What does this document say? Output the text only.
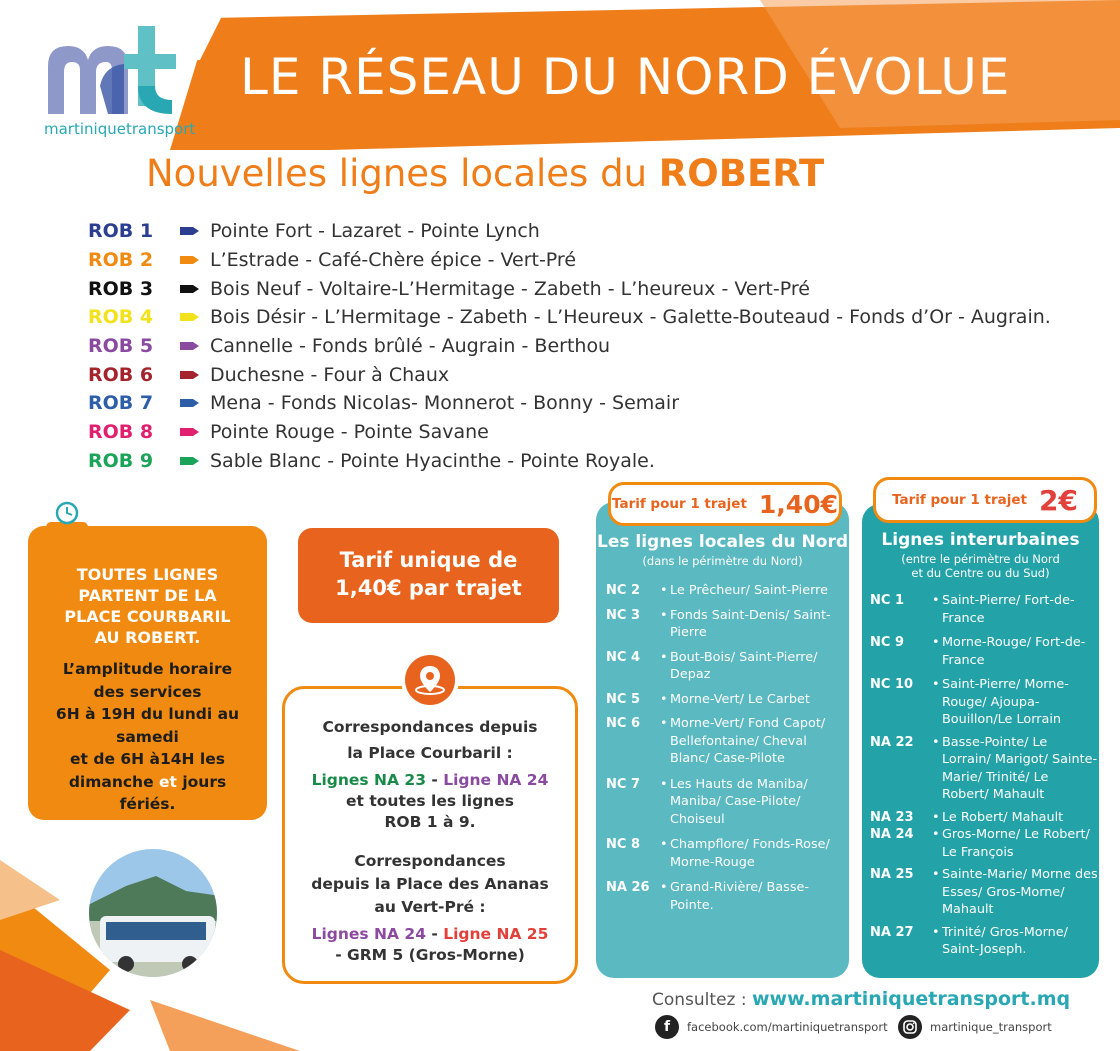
martiniquetransport
LE RÉSEAU DU NORD ÉVOLUE
Nouvelles lignes locales du ROBERT
ROB 1	Pointe Fort - Lazaret - Pointe Lynch
ROB 2	L’Estrade - Café-Chère épice - Vert-Pré
ROB 3	Bois Neuf - Voltaire-L’Hermitage - Zabeth - L’heureux - Vert-Pré
ROB 4	Bois Désir - L’Hermitage - Zabeth - L’Heureux - Galette-Bouteaud - Fonds d’Or - Augrain.
ROB 5	Cannelle - Fonds brûlé - Augrain - Berthou
ROB 6	Duchesne - Four à Chaux
ROB 7	Mena - Fonds Nicolas- Monnerot - Bonny - Semair
ROB 8	Pointe Rouge - Pointe Savane
ROB 9	Sable Blanc - Pointe Hyacinthe - Pointe Royale.
TOUTES LIGNES
PARTENT DE LA
PLACE COURBARIL
AU ROBERT.
L’amplitude horaire
des services
6H à 19H du lundi au samedi
et de 6H à14H les
dimanche et jours
fériés.
Tarif unique de
1,40€ par trajet
Correspondances depuis
la Place Courbaril :
Lignes NA 23 - Ligne NA 24
et toutes les lignes
ROB 1 à 9.
Correspondances
depuis la Place des Ananas
au Vert-Pré :
Lignes NA 24 - Ligne NA 25
- GRM 5 (Gros-Morne)
Les lignes locales du Nord
(dans le périmètre du Nord)
NC 2	• Le Prêcheur/ Saint-Pierre
NC 3	• Fonds Saint-Denis/ Saint-Pierre
NC 4	• Bout-Bois/ Saint-Pierre/ Depaz
NC 5	• Morne-Vert/ Le Carbet
NC 6	• Morne-Vert/ Fond Capot/ Bellefontaine/ Cheval Blanc/ Case-Pilote
NC 7	• Les Hauts de Maniba/ Maniba/ Case-Pilote/ Choiseul
NC 8	• Champflore/ Fonds-Rose/ Morne-Rouge
NA 26 • Grand-Rivière/ Basse-Pointe.
Tarif pour 1 trajet 1,40€
Lignes interurbaines
(entre le périmètre du Nord
et du Centre ou du Sud)
NC 1	• Saint-Pierre/ Fort-de-France
NC 9	• Morne-Rouge/ Fort-de-France
NC 10	• Saint-Pierre/ Morne-Rouge/ Ajoupa-Bouillon/Le Lorrain
NA 22	• Basse-Pointe/ Le Lorrain/ Marigot/ Sainte-Marie/ Trinité/ Le Robert/ Mahault
NA 23	• Le Robert/ Mahault
NA 24	• Gros-Morne/ Le Robert/ Le François
NA 25	• Sainte-Marie/ Morne des Esses/ Gros-Morne/ Mahault
NA 27	• Trinité/ Gros-Morne/ Saint-Joseph.
Tarif pour 1 trajet 2€
Consultez : www.martiniquetransport.mq
f	facebook.com/martiniquetransport	martinique_transport
